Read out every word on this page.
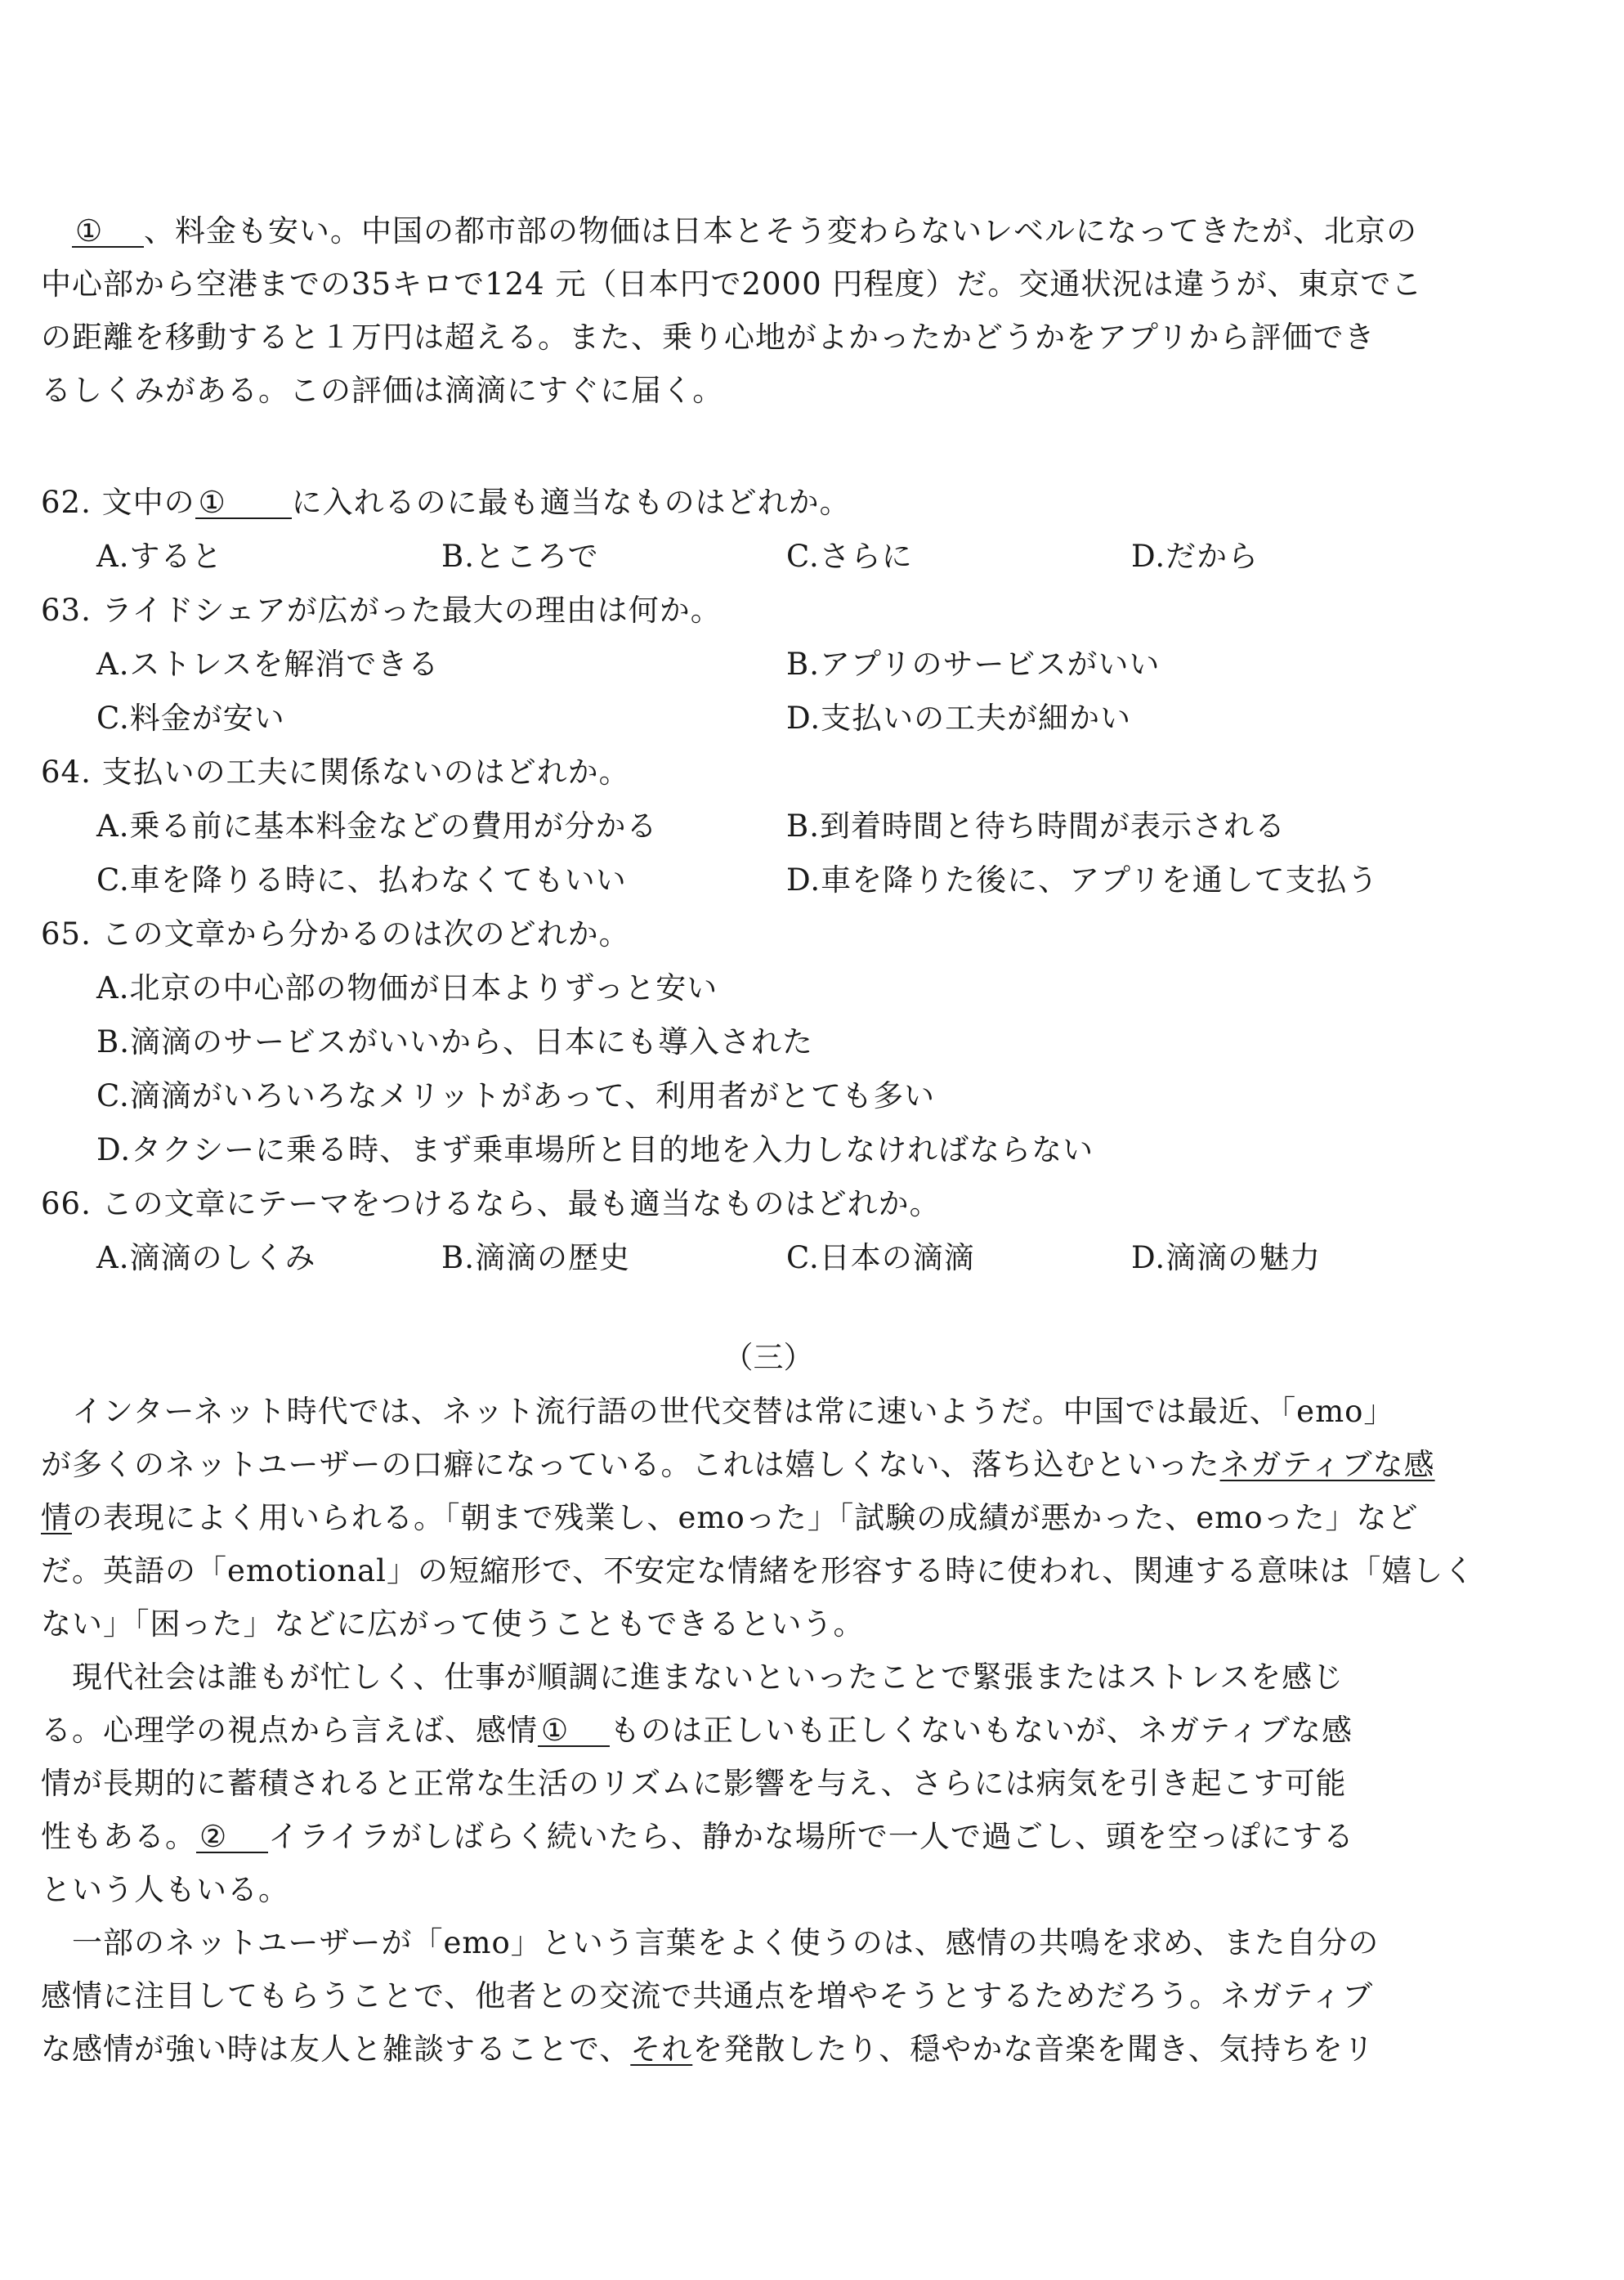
① 、料金も安い。中国の都市部の物価は日本とそう変わらないレベルになってきたが、北京の
中心部から空港までの35キロで124 元（日本円で2000 円程度）だ。交通状況は違うが、東京でこ
の距離を移動すると１万円は超える。また、乗り心地がよかったかどうかをアプリから評価でき
るしくみがある。この評価は滴滴にすぐに届く。
62. 文中の ① に入れるのに最も適当なものはどれか。
A.すると	B.ところで	C.さらに	D.だから
63. ライドシェアが広がった最大の理由は何か。
A.ストレスを解消できる	B.アプリのサービスがいい
C.料金が安い	D.支払いの工夫が細かい
64. 支払いの工夫に関係ないのはどれか。
A.乗る前に基本料金などの費用が分かる	B.到着時間と待ち時間が表示される
C.車を降りる時に、払わなくてもいい	D.車を降りた後に、アプリを通して支払う
65. この文章から分かるのは次のどれか。
A.北京の中心部の物価が日本よりずっと安い
B.滴滴のサービスがいいから、日本にも導入された
C.滴滴がいろいろなメリットがあって、利用者がとても多い
D.タクシーに乗る時、まず乗車場所と目的地を入力しなければならない
66. この文章にテーマをつけるなら、最も適当なものはどれか。
A.滴滴のしくみ	B.滴滴の歴史	C.日本の滴滴	D.滴滴の魅力
（三）
インターネット時代では、ネット流行語の世代交替は常に速いようだ。中国では最近、「emo」
が多くのネットユーザーの口癖になっている。これは嬉しくない、落ち込むといったネガティブな感
情の表現によく用いられる。「朝まで残業し、emoった」「試験の成績が悪かった、emoった」など
だ。英語の「emotional」の短縮形で、不安定な情緒を形容する時に使われ、関連する意味は「嬉しく
ない」「困った」などに広がって使うこともできるという。
現代社会は誰もが忙しく、仕事が順調に進まないといったことで緊張またはストレスを感じ
る。心理学の視点から言えば、感情 ① ものは正しいも正しくないもないが、ネガティブな感
情が長期的に蓄積されると正常な生活のリズムに影響を与え、さらには病気を引き起こす可能
性もある。 ② イライラがしばらく続いたら、静かな場所で一人で過ごし、頭を空っぽにする
という人もいる。
一部のネットユーザーが「emo」という言葉をよく使うのは、感情の共鳴を求め、また自分の
感情に注目してもらうことで、他者との交流で共通点を増やそうとするためだろう。ネガティブ
な感情が強い時は友人と雑談することで、それを発散したり、穏やかな音楽を聞き、気持ちをリ
